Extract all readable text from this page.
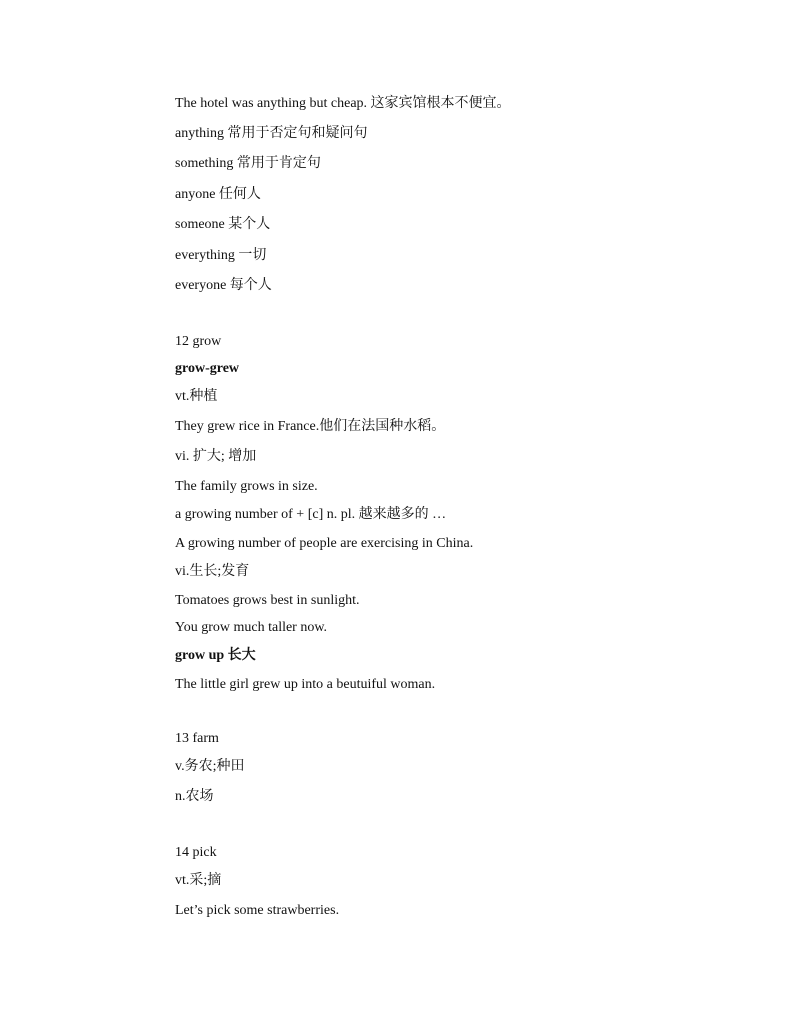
The hotel was anything but cheap. 这家宾馆根本不便宜。
anything 常用于否定句和疑问句
something 常用于肯定句
anyone 任何人
someone 某个人
everything 一切
everyone 每个人
12 grow
grow-grew
vt.种植
They grew rice in France.他们在法国种水稻。
vi. 扩大; 增加
The family grows in size.
a growing number of + [c] n. pl. 越来越多的 …
A growing number of people are exercising in China.
vi.生长;发育
Tomatoes grows best in sunlight.
You grow much taller now.
grow up 长大
The little girl grew up into a beutuiful woman.
13 farm
v.务农;种田
n.农场
14 pick
vt.采;摘
Let’s pick some strawberries.
